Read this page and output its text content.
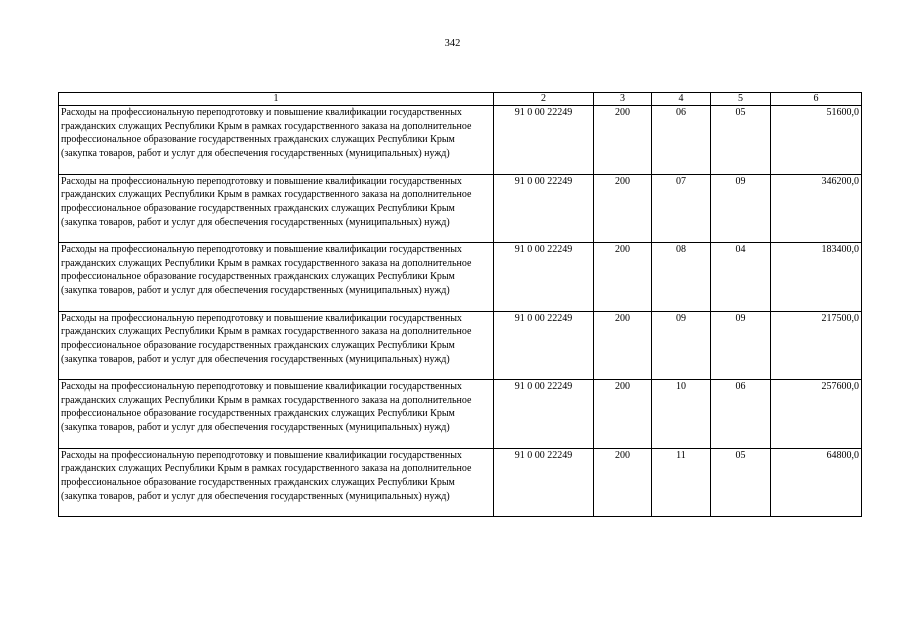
342
1	2	3	4	5	6
Расходы на профессиональную переподготовку и повышение квалификации государственных гражданских служащих Республики Крым в рамках государственного заказа на дополнительное профессиональное образование государственных гражданских служащих Республики Крым (закупка товаров, работ и услуг для обеспечения государственных (муниципальных) нужд)	91 0 00 22249	200	06	05	51600,0
Расходы на профессиональную переподготовку и повышение квалификации государственных гражданских служащих Республики Крым в рамках государственного заказа на дополнительное профессиональное образование государственных гражданских служащих Республики Крым (закупка товаров, работ и услуг для обеспечения государственных (муниципальных) нужд)	91 0 00 22249	200	07	09	346200,0
Расходы на профессиональную переподготовку и повышение квалификации государственных гражданских служащих Республики Крым в рамках государственного заказа на дополнительное профессиональное образование государственных гражданских служащих Республики Крым (закупка товаров, работ и услуг для обеспечения государственных (муниципальных) нужд)	91 0 00 22249	200	08	04	183400,0
Расходы на профессиональную переподготовку и повышение квалификации государственных гражданских служащих Республики Крым в рамках государственного заказа на дополнительное профессиональное образование государственных гражданских служащих Республики Крым (закупка товаров, работ и услуг для обеспечения государственных (муниципальных) нужд)	91 0 00 22249	200	09	09	217500,0
Расходы на профессиональную переподготовку и повышение квалификации государственных гражданских служащих Республики Крым в рамках государственного заказа на дополнительное профессиональное образование государственных гражданских служащих Республики Крым (закупка товаров, работ и услуг для обеспечения государственных (муниципальных) нужд)	91 0 00 22249	200	10	06	257600,0
Расходы на профессиональную переподготовку и повышение квалификации государственных гражданских служащих Республики Крым в рамках государственного заказа на дополнительное профессиональное образование государственных гражданских служащих Республики Крым (закупка товаров, работ и услуг для обеспечения государственных (муниципальных) нужд)	91 0 00 22249	200	11	05	64800,0
